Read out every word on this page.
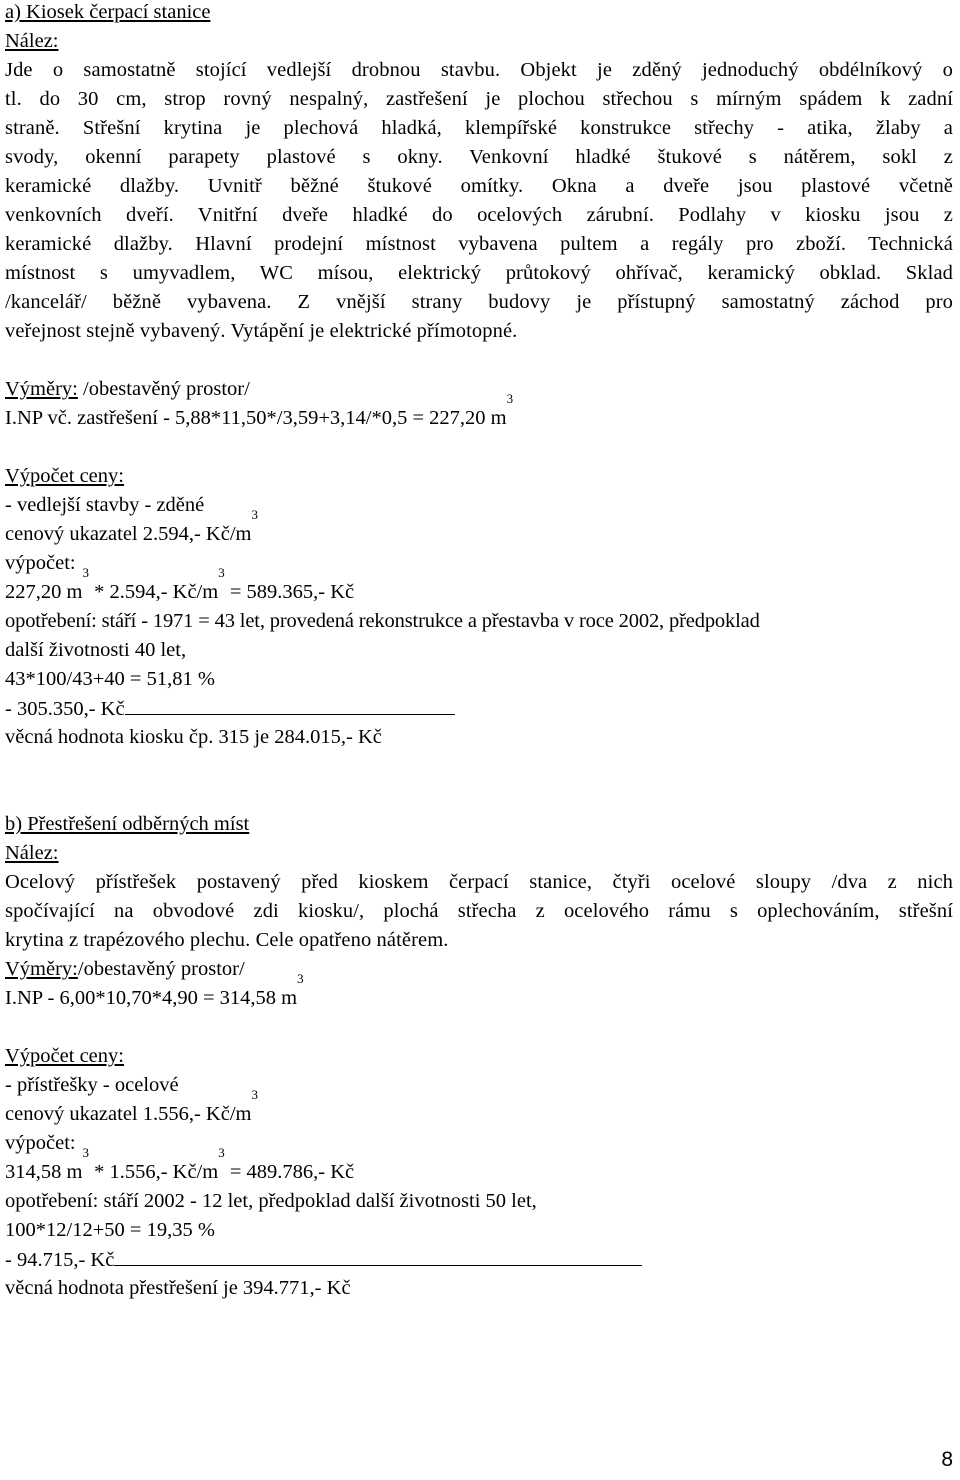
a) Kiosek čerpací stanice
Nález:
Jde o samostatně stojící vedlejší drobnou stavbu. Objekt je zděný jednoduchý obdélníkový o
tl. do 30 cm, strop rovný nespalný, zastřešení je plochou střechou s mírným spádem k zadní
straně. Střešní krytina je plechová hladká, klempířské konstrukce střechy - atika, žlaby a
svody, okenní parapety plastové s okny. Venkovní hladké štukové s nátěrem, sokl z
keramické dlažby. Uvnitř běžné štukové omítky. Okna a dveře jsou plastové včetně
venkovních dveří. Vnitřní dveře hladké do ocelových zárubní. Podlahy v kiosku jsou z
keramické dlažby. Hlavní prodejní místnost vybavena pultem a regály pro zboží. Technická
místnost s umyvadlem, WC mísou, elektrický průtokový ohřívač, keramický obklad. Sklad
/kancelář/ běžně vybavena. Z vnější strany budovy je přístupný samostatný záchod pro
veřejnost stejně vybavený. Vytápění je elektrické přímotopné.
Výměry: /obestavěný prostor/
I.NP vč. zastřešení - 5,88*11,50*/3,59+3,14/*0,5 = 227,20 $m^3$
Výpočet ceny:
- vedlejší stavby - zděné
cenový ukazatel 2.594,- $Kč/m^3$
výpočet:
227,20 $m^3 * 2.594,-$ $Kč/m^3 = 589.365,-$ Kč
opotřebení: stáří - 1971 = 43 let, provedená rekonstrukce a přestavba v roce 2002, předpoklad
další životnosti 40 let,
43*100/43+40 = 51,81 %
- 305.350,- Kč
věcná hodnota kiosku čp. 315 je 284.015,- Kč
b) Přestřešení odběrných míst
Nález:
Ocelový přístřešek postavený před kioskem čerpací stanice, čtyři ocelové sloupy /dva z nich
spočívající na obvodové zdi kiosku/, plochá střecha z ocelového rámu s oplechováním, střešní
krytina z trapézového plechu. Cele opatřeno nátěrem.
Výměry:/obestavěný prostor/
I.NP - 6,00*10,70*4,90 = 314,58 $m^3$
Výpočet ceny:
- přístřešky - ocelové
cenový ukazatel 1.556,- $Kč/m^3$
výpočet:
314,58 $m^3 * 1.556,-$ $Kč/m^3 = 489.786,-$ Kč
opotřebení: stáří 2002 - 12 let, předpoklad další životnosti 50 let,
100*12/12+50 = 19,35 %
- 94.715,- Kč
věcná hodnota přestřešení je 394.771,- Kč
8
